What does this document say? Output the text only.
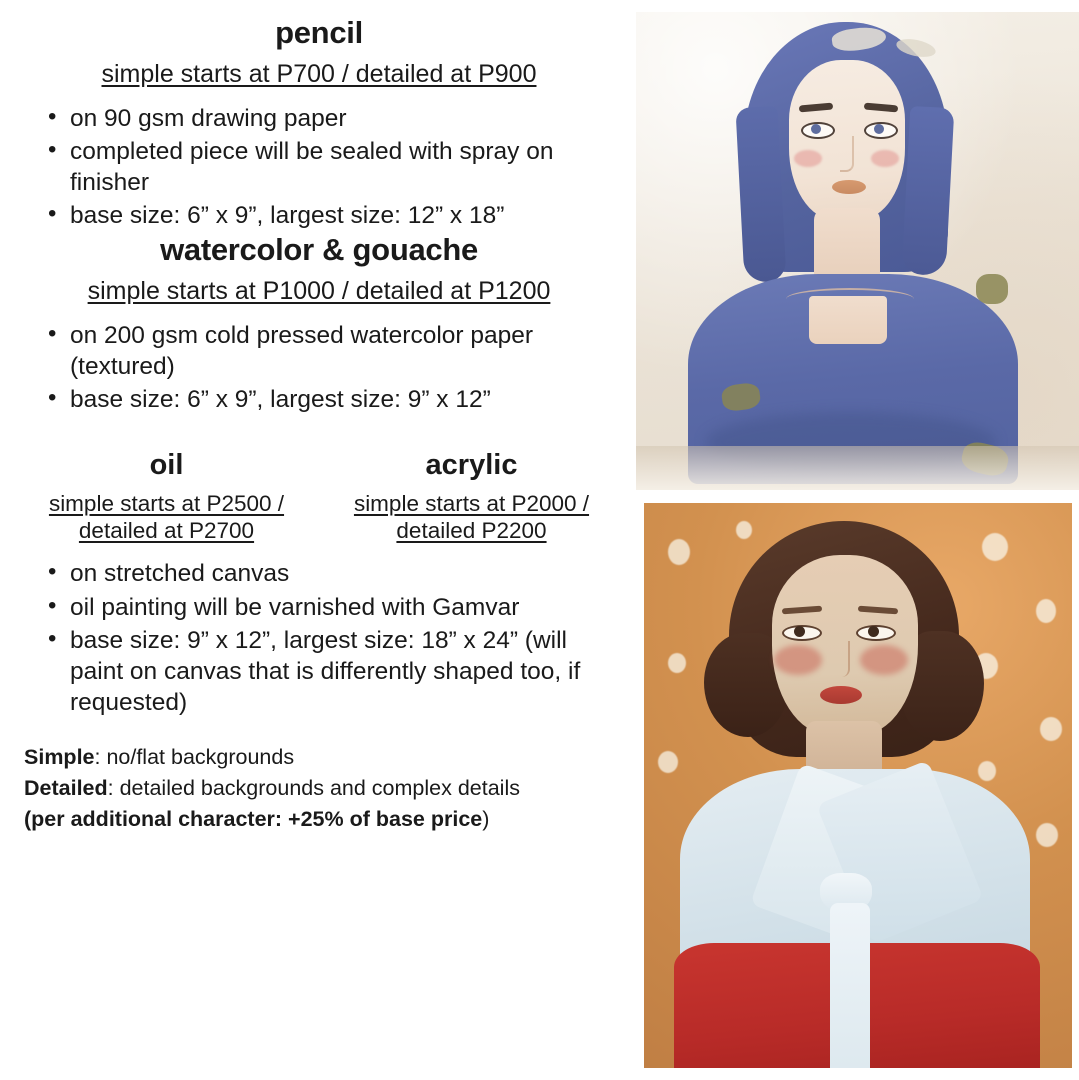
pencil

simple starts at P700 / detailed at P900

• on 90 gsm drawing paper
• completed piece will be sealed with spray on finisher
• base size: 6” x 9”, largest size: 12” x 18”
watercolor & gouache

simple starts at P1000 / detailed at P1200

• on 200 gsm cold pressed watercolor paper (textured)
• base size: 6” x 9”, largest size: 9” x 12”
oil
simple starts at P2500 /
detailed at P2700
acrylic
simple starts at P2000 /
detailed P2200
• on stretched canvas
• oil painting will be varnished with Gamvar
• base size: 9” x 12”, largest size: 18” x 24” (will paint on canvas that is differently shaped too, if requested)

Simple: no/flat backgrounds

Detailed: detailed backgrounds and complex details

(per additional character: +25% of base price)
